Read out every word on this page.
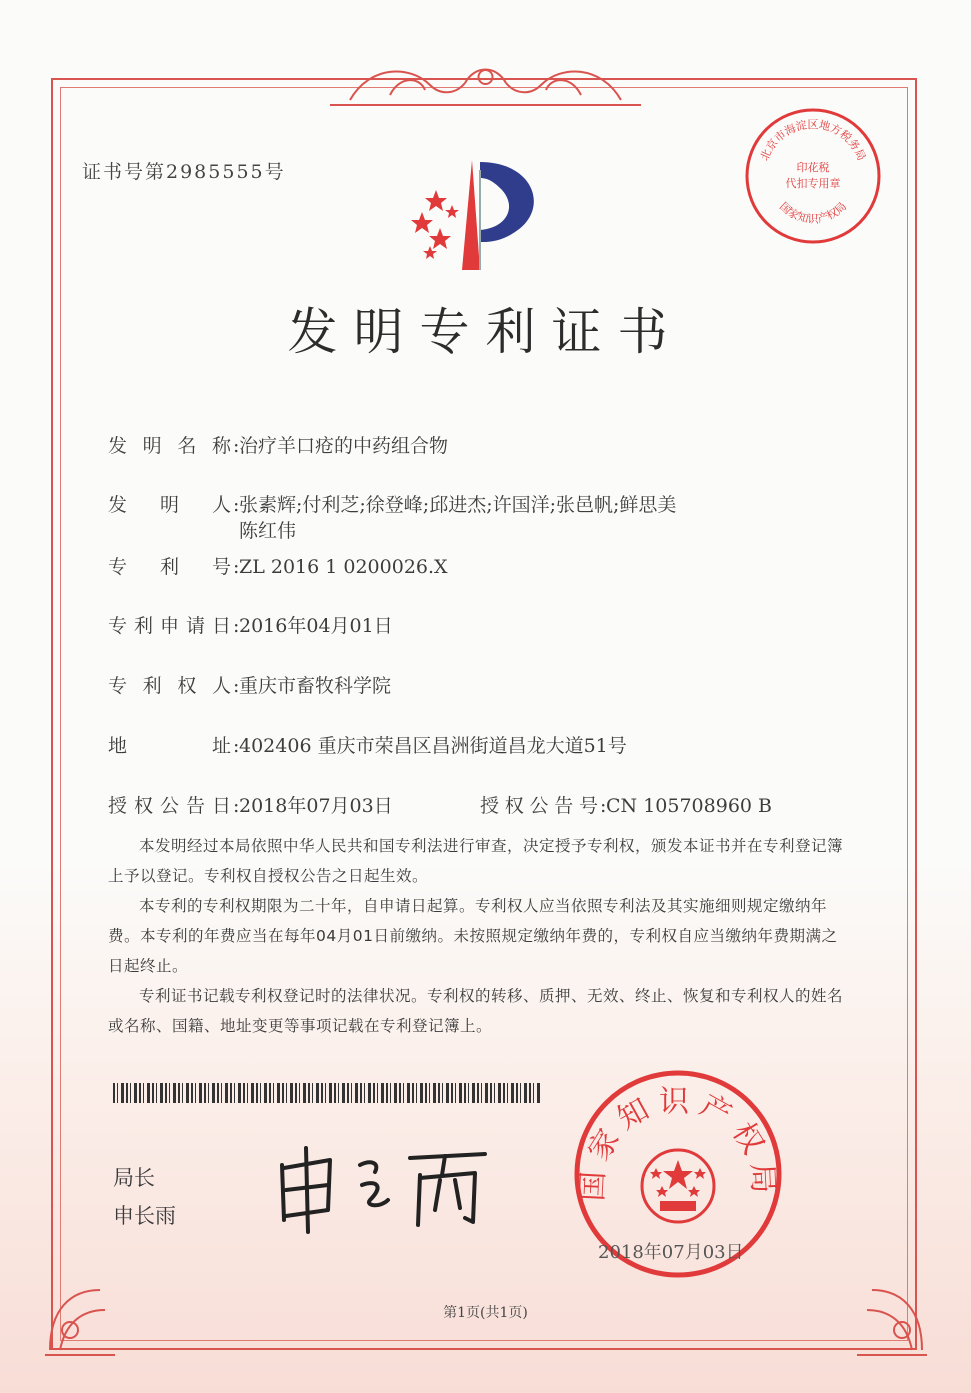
证书号第2985555号
北京市海淀区地方税务局
国家知识产权局
印花税
代扣专用章
发明专利证书
发明名称 :治疗羊口疮的中药组合物
发明人 :张素辉;付利芝;徐登峰;邱进杰;许国洋;张邑帆;鲜思美
陈红伟
专利号 :ZL 2016 1 0200026.X
专利申请日 :2016年04月01日
专利权人 :重庆市畜牧科学院
地址 :402406 重庆市荣昌区昌洲街道昌龙大道51号
授权公告日 :2018年07月03日	授权公告号 :CN 105708960 B

本发明经过本局依照中华人民共和国专利法进行审查，决定授予专利权，颁发本证书并在专利登记簿上予以登记。专利权自授权公告之日起生效。

本专利的专利权期限为二十年，自申请日起算。专利权人应当依照专利法及其实施细则规定缴纳年费。本专利的年费应当在每年04月01日前缴纳。未按照规定缴纳年费的，专利权自应当缴纳年费期满之日起终止。

专利证书记载专利权登记时的法律状况。专利权的转移、质押、无效、终止、恢复和专利权人的姓名或名称、国籍、地址变更等事项记载在专利登记簿上。

局长
申长雨
国家知识产权局
2018年07月03日
第1页(共1页)
